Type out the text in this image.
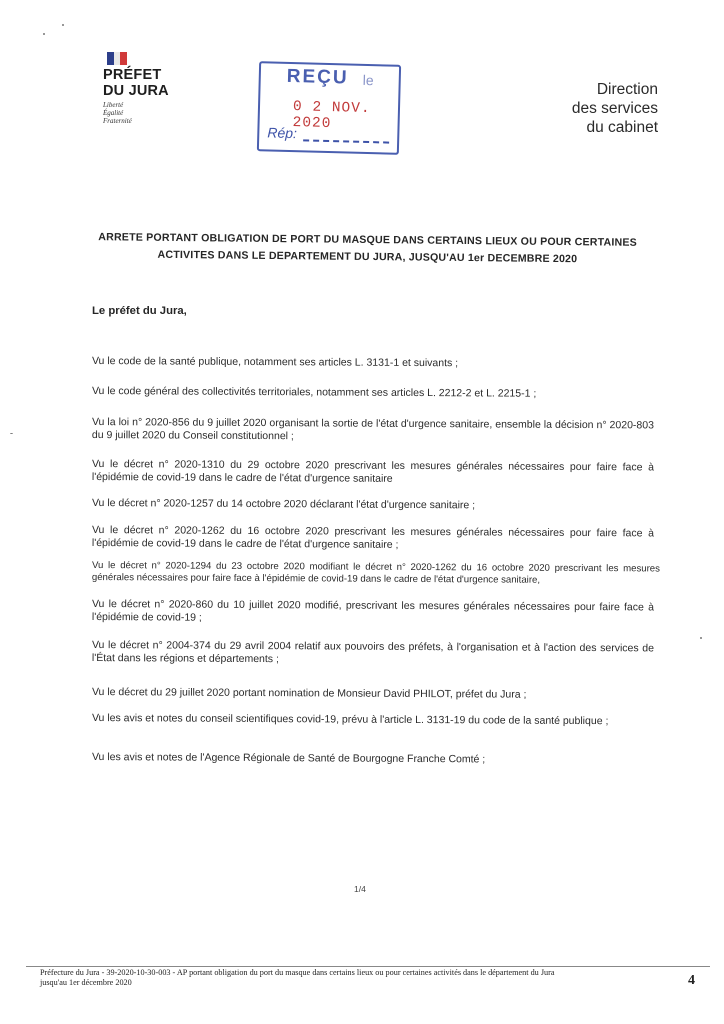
PRÉFET
DU JURA
Liberté
Égalité
Fraternité
REÇU le
0 2 NOV. 2020
Rép:
Direction
des services
du cabinet
ARRETE PORTANT OBLIGATION DE PORT DU MASQUE DANS CERTAINS LIEUX OU POUR CERTAINES
ACTIVITES DANS LE DEPARTEMENT DU JURA, JUSQU'AU 1er DECEMBRE 2020
Le préfet du Jura,
Vu le code de la santé publique, notamment ses articles L. 3131-1 et suivants ;
Vu le code général des collectivités territoriales, notamment ses articles L. 2212-2 et L. 2215-1 ;
Vu la loi n° 2020-856 du 9 juillet 2020 organisant la sortie de l'état d'urgence sanitaire, ensemble la décision n° 2020-803 du 9 juillet 2020 du Conseil constitutionnel ;
Vu le décret n° 2020-1310 du 29 octobre 2020 prescrivant les mesures générales nécessaires pour faire face à l'épidémie de covid-19 dans le cadre de l'état d'urgence sanitaire
Vu le décret n° 2020-1257 du 14 octobre 2020 déclarant l'état d'urgence sanitaire ;
Vu le décret n° 2020-1262 du 16 octobre 2020 prescrivant les mesures générales nécessaires pour faire face à l'épidémie de covid-19 dans le cadre de l'état d'urgence sanitaire ;
Vu le décret n° 2020-1294 du 23 octobre 2020 modifiant le décret n° 2020-1262 du 16 octobre 2020 prescrivant les mesures générales nécessaires pour faire face à l'épidémie de covid-19 dans le cadre de l'état d'urgence sanitaire,
Vu le décret n° 2020-860 du 10 juillet 2020 modifié, prescrivant les mesures générales nécessaires pour faire face à l'épidémie de covid-19 ;
Vu le décret n° 2004-374 du 29 avril 2004 relatif aux pouvoirs des préfets, à l'organisation et à l'action des services de l'État dans les régions et départements ;
Vu le décret du 29 juillet 2020 portant nomination de Monsieur David PHILOT, préfet du Jura ;
Vu les avis et notes du conseil scientifiques covid-19, prévu à l'article L. 3131-19 du code de la santé publique ;
Vu les avis et notes de l'Agence Régionale de Santé de Bourgogne Franche Comté ;
1/4
Préfecture du Jura - 39-2020-10-30-003 - AP portant obligation du port du masque dans certains lieux ou pour certaines activités dans le département du Jura
jusqu'au 1er décembre 2020	4
